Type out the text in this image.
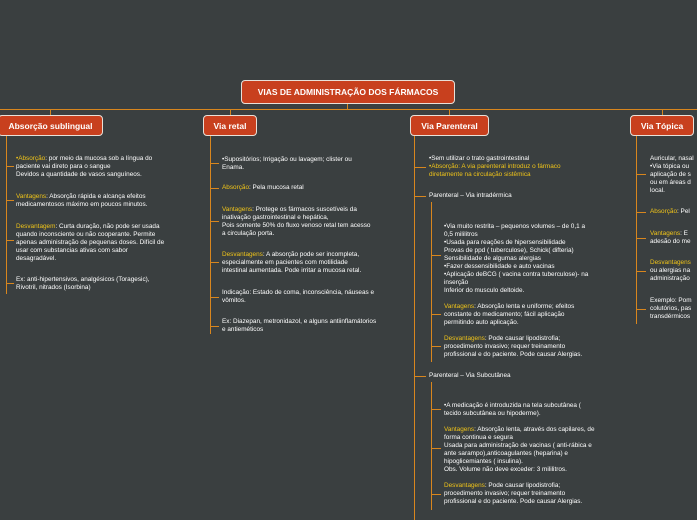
VIAS DE ADMINISTRAÇÃO DOS FÁRMACOS
Absorção sublingual	Via retal	Via Parenteral	Via Tópica
•Absorção: por meio da mucosa sob a língua do
paciente vai direto para o sangue
Devidos a quantidade de vasos sanguíneos.
Vantagens: Absorção rápida e alcança efeitos
medicamentosos máximo em poucos minutos.
Desvantagem: Curta duração, não pode ser usada
quando inconsciente ou não cooperante. Permite
apenas administração de pequenas doses. Difícil de
usar com substancias ativas com sabor
desagradável.
Ex: anti-hipertensivos, analgésicos (Toragesic),
Rivotril, nitrados (Isorbina)
•Supositórios; Irrigação ou lavagem; clister ou
Enama.
Absorção: Pela mucosa retal
Vantagens: Protege os fármacos suscetíveis da
inativação gastrointestinal e hepática,
Pois somente 50% do fluxo venoso retal tem acesso
a circulação porta.
Desvantagens: A absorção pode ser incompleta,
especialmente em pacientes com motilidade
intestinal aumentada. Pode irritar a mucosa retal.
Indicação: Estado de coma, inconsciência, náuseas e
vômitos.
Ex: Diazepan, metronidazol, e alguns antiinflamátorios
e antieméticos
•Sem utilizar o trato gastrointestinal
•Absorção: A via parenteral introduz o fármaco
diretamente na circulação sistêmica
Parenteral – Via intradérmica
•Via muito restrita – pequenos volumes – de 0,1 a
0,5 mililitros
•Usada para reações de hipersensibilidade
Provas de ppd ( tuberculose), Schick( difteria)
Sensibilidade de algumas alergias
•Fazer dessensibilidade e auto vacinas
•Aplicação deBCG ( vacina contra tuberculose)- na
inserção
Inferior do musculo deltoide.
Vantagens: Absorção lenta e uniforme; efeitos
constante do medicamento; fácil aplicação
permitindo auto aplicação.
Desvantagens: Pode causar lipodistrofia;
procedimento invasivo; requer treinamento
profissional e do paciente. Pode causar Alergias.
Parenteral – Via Subcutânea
•A medicação é introduzida na tela subcutânea (
tecido subcutânea ou hipoderme).
Vantagens: Absorção lenta, através dos capilares, de
forma continua e segura
Usada para administração de vacinas ( anti-rábica e
ante sarampo),anticoagulantes (heparina) e
hipoglicemiantes ( insulina).
Obs. Volume não deve exceder: 3 mililitros.
Desvantagens: Pode causar lipodistrofia;
procedimento invasivo; requer treinamento
profissional e do paciente. Pode causar Alergias.
Auricular, nasal
•Via tópica ou
aplicação de s
ou em áreas d
local.
Absorção: Pel
Vantagens: E
adesão do me
Desvantagens
ou alergias na
administração
Exemplo: Pom
colutórios, pas
transdérmicos
